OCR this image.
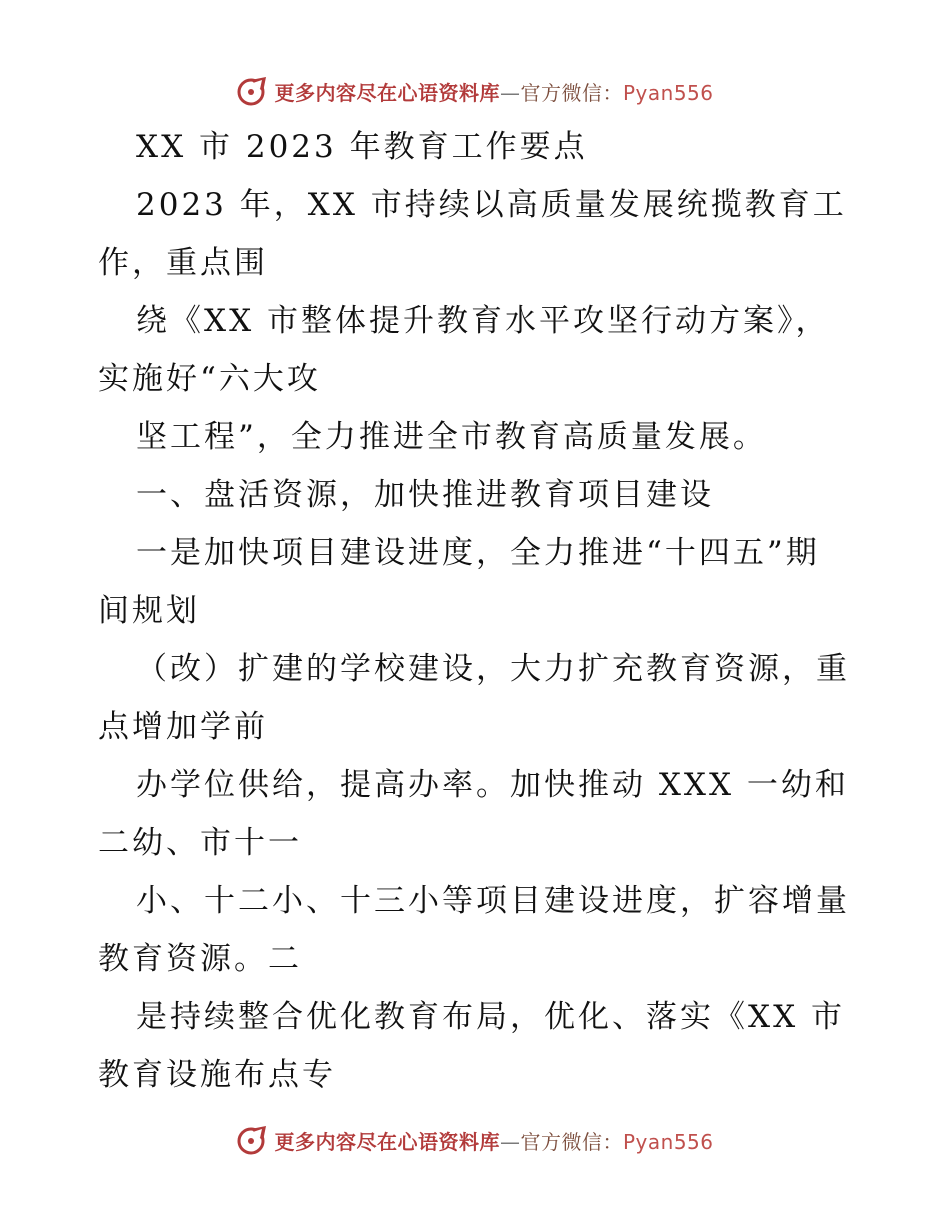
更多内容尽在心语资料库—官方微信：Pyan556
XX 市 2023 年教育工作要点
2023 年，XX 市持续以高质量发展统揽教育工
作，重点围
绕《XX 市整体提升教育水平攻坚行动方案》，
实施好“六大攻
坚工程”，全力推进全市教育高质量发展。
一、盘活资源，加快推进教育项目建设
一是加快项目建设进度，全力推进“十四五”期
间规划
（改）扩建的学校建设，大力扩充教育资源，重
点增加学前
办学位供给，提高办率。加快推动 XXX 一幼和
二幼、市十一
小、十二小、十三小等项目建设进度，扩容增量
教育资源。二
是持续整合优化教育布局，优化、落实《XX 市
教育设施布点专
更多内容尽在心语资料库—官方微信：Pyan556
